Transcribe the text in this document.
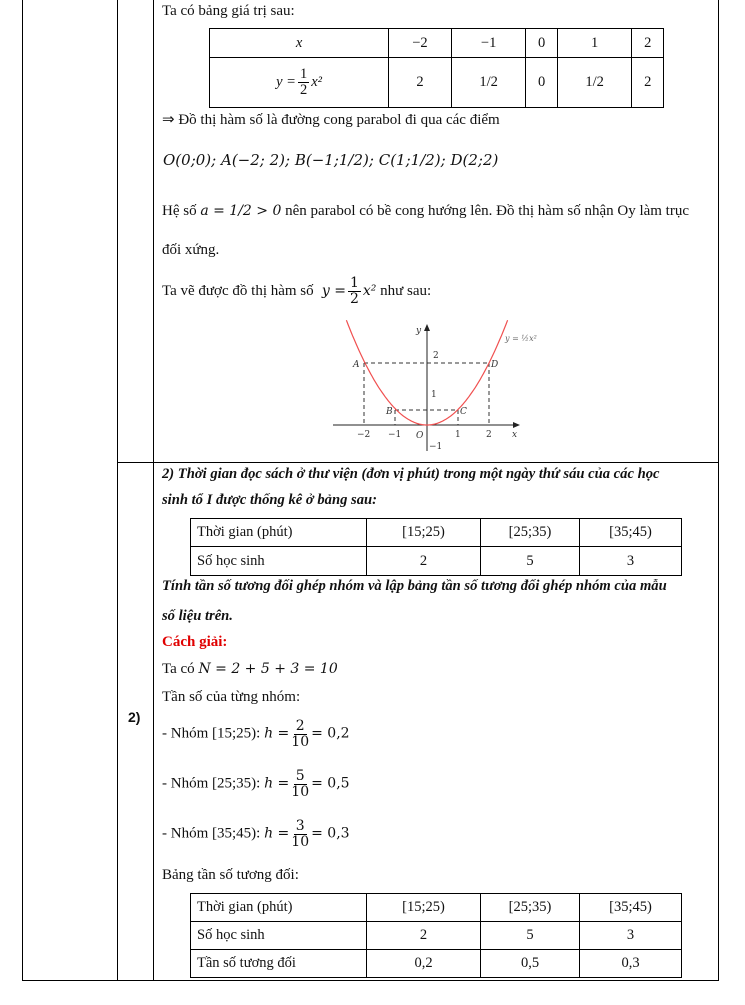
Ta có bảng giá trị sau:
x	−2	−1	0	1	2
$y = \frac{1}{2} x^2$	2	1/2	0	1/2	2
⇒ Đồ thị hàm số là đường cong parabol đi qua các điểm
O(0;0); A(−2; 2); B(−1;1/2); C(1;1/2); D(2;2)
Hệ số a = 1/2 > 0 nên parabol có bề cong hướng lên. Đồ thị hàm số nhận Oy làm trục
đối xứng.
Ta vẽ được đồ thị hàm số  $y = \frac{1}{2} x^2$ như sau:
y
x
O
A
B	C
D
−2 −1	1	2
2
1
−1
y = ½x²
2)
2) Thời gian đọc sách ở thư viện (đơn vị phút) trong một ngày thứ sáu của các học
sinh tổ I được thống kê ở bảng sau:
Thời gian (phút)	[15;25)	[25;35)	[35;45)
Số học sinh	2	5	3
Tính tần số tương đối ghép nhóm và lập bảng tần số tương đối ghép nhóm của mẫu
số liệu trên.
Cách giải:
Ta có N = 2 + 5 + 3 = 10
Tần số của từng nhóm:
- Nhóm [15;25): $h = \frac{2}{10} = 0,2$
- Nhóm [25;35): $h = \frac{5}{10} = 0,5$
- Nhóm [35;45): $h = \frac{3}{10} = 0,3$
Bảng tần số tương đối:
Thời gian (phút)	[15;25)	[25;35)	[35;45)
Số học sinh	2	5	3
Tần số tương đối	0,2	0,5	0,3
